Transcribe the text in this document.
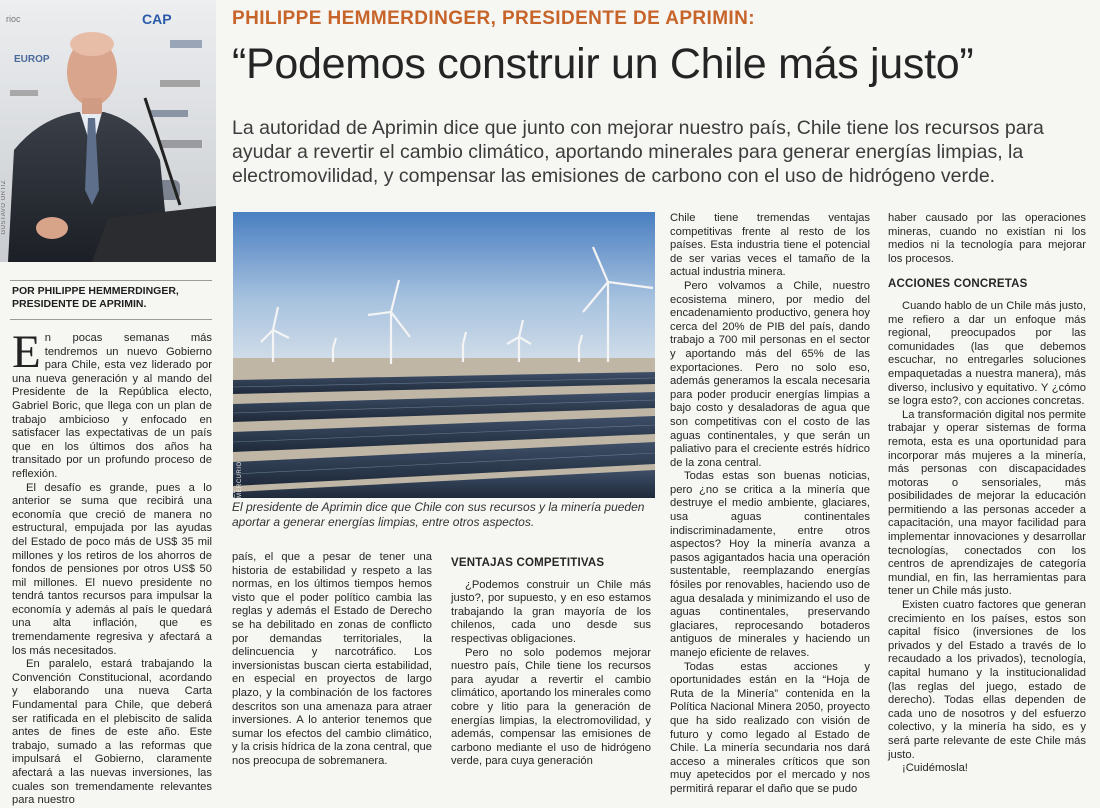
CAP
EUROP
rioc
GUSTAVO ORTIZ
PHILIPPE HEMMERDINGER, PRESIDENTE DE APRIMIN:
“Podemos construir un Chile más justo”
La autoridad de Aprimin dice que junto con mejorar nuestro país, Chile tiene los recursos para ayudar a revertir el cambio climático, aportando minerales para generar energías limpias, la electromovilidad, y compensar las emisiones de carbono con el uso de hidrógeno verde.
POR PHILIPPE HEMMERDINGER, PRESIDENTE DE APRIMIN.

En pocas semanas más tendremos un nuevo Gobierno para Chile, esta vez liderado por una nueva generación y al mando del Presidente de la República electo, Gabriel Boric, que llega con un plan de trabajo ambicioso y enfocado en satisfacer las expectativas de un país que en los últimos dos años ha transitado por un profundo proceso de reflexión.

El desafío es grande, pues a lo anterior se suma que recibirá una economía que creció de manera no estructural, empujada por las ayudas del Estado de poco más de US$ 35 mil millones y los retiros de los ahorros de fondos de pensiones por otros US$ 50 mil millones. El nuevo presidente no tendrá tantos recursos para impulsar la economía y además al país le quedará una alta inflación, que es tremendamente regresiva y afectará a los más necesitados.

En paralelo, estará trabajando la Convención Constitucional, acordando y elaborando una nueva Carta Fundamental para Chile, que deberá ser ratificada en el plebiscito de salida antes de fines de este año. Este trabajo, sumado a las reformas que impulsará el Gobierno, claramente afectará a las nuevas inversiones, las cuales son tremendamente relevantes para nuestro

EL MERCURIO
El presidente de Aprimin dice que Chile con sus recursos y la minería pueden aportar a generar energías limpias, entre otros aspectos.

país, el que a pesar de tener una historia de estabilidad y respeto a las normas, en los últimos tiempos hemos visto que el poder político cambia las reglas y además el Estado de Derecho se ha debilitado en zonas de conflicto por demandas territoriales, la delincuencia y narcotráfico. Los inversionistas buscan cierta estabilidad, en especial en proyectos de largo plazo, y la combinación de los factores descritos son una amenaza para atraer inversiones. A lo anterior tenemos que sumar los efectos del cambio climático, y la crisis hídrica de la zona central, que nos preocupa de sobremanera.

VENTAJAS COMPETITIVAS

¿Podemos construir un Chile más justo?, por supuesto, y en eso estamos trabajando la gran mayoría de los chilenos, cada uno desde sus respectivas obligaciones.

Pero no solo podemos mejorar nuestro país, Chile tiene los recursos para ayudar a revertir el cambio climático, aportando los minerales como cobre y litio para la generación de energías limpias, la electromovilidad, y además, compensar las emisiones de carbono mediante el uso de hidrógeno verde, para cuya generación

Chile tiene tremendas ventajas competitivas frente al resto de los países. Esta industria tiene el potencial de ser varias veces el tamaño de la actual industria minera.

Pero volvamos a Chile, nuestro ecosistema minero, por medio del encadenamiento productivo, genera hoy cerca del 20% de PIB del país, dando trabajo a 700 mil personas en el sector y aportando más del 65% de las exportaciones. Pero no solo eso, además generamos la escala necesaria para poder producir energías limpias a bajo costo y desaladoras de agua que son competitivas con el costo de las aguas continentales, y que serán un paliativo para el creciente estrés hídrico de la zona central.

Todas estas son buenas noticias, pero ¿no se critica a la minería que destruye el medio ambiente, glaciares, usa aguas continentales indiscriminadamente, entre otros aspectos? Hoy la minería avanza a pasos agigantados hacia una operación sustentable, reemplazando energías fósiles por renovables, haciendo uso de agua desalada y minimizando el uso de aguas continentales, preservando glaciares, reprocesando botaderos antiguos de minerales y haciendo un manejo eficiente de relaves.

Todas estas acciones y oportunidades están en la “Hoja de Ruta de la Minería” contenida en la Política Nacional Minera 2050, proyecto que ha sido realizado con visión de futuro y como legado al Estado de Chile. La minería secundaria nos dará acceso a minerales críticos que son muy apetecidos por el mercado y nos permitirá reparar el daño que se pudo

haber causado por las operaciones mineras, cuando no existían ni los medios ni la tecnología para mejorar los procesos.

ACCIONES CONCRETAS

Cuando hablo de un Chile más justo, me refiero a dar un enfoque más regional, preocupados por las comunidades (las que debemos escuchar, no entregarles soluciones empaquetadas a nuestra manera), más diverso, inclusivo y equitativo. Y ¿cómo se logra esto?, con acciones concretas.

La transformación digital nos permite trabajar y operar sistemas de forma remota, esta es una oportunidad para incorporar más mujeres a la minería, más personas con discapacidades motoras o sensoriales, más posibilidades de mejorar la educación permitiendo a las personas acceder a capacitación, una mayor facilidad para implementar innovaciones y desarrollar tecnologías, conectados con los centros de aprendizajes de categoría mundial, en fin, las herramientas para tener un Chile más justo.

Existen cuatro factores que generan crecimiento en los países, estos son capital físico (inversiones de los privados y del Estado a través de lo recaudado a los privados), tecnología, capital humano y la institucionalidad (las reglas del juego, estado de derecho). Todas ellas dependen de cada uno de nosotros y del esfuerzo colectivo, y la minería ha sido, es y será parte relevante de este Chile más justo.

¡Cuidémosla!
